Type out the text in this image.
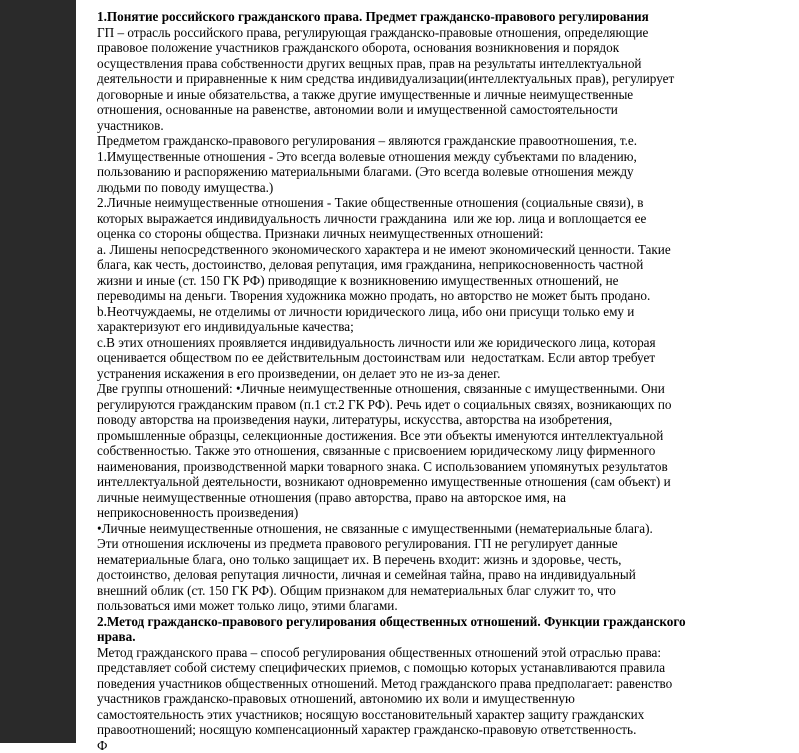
1.Понятие российского гражданского права. Предмет гражданско-правового регулирования
ГП – отрасль российского права, регулирующая гражданско-правовые отношения, определяющие
правовое положение участников гражданского оборота, основания возникновения и порядок
осуществления права собственности других вещных прав, прав на результаты интеллектуальной
деятельности и приравненные к ним средства индивидуализации(интеллектуальных прав), регулирует
договорные и иные обязательства, а также другие имущественные и личные неимущественные
отношения, основанные на равенстве, автономии воли и имущественной самостоятельности
участников.
Предметом гражданско-правового регулирования – являются гражданские правоотношения, т.е.
1.Имущественные отношения - Это всегда волевые отношения между субъектами по владению,
пользованию и распоряжению материальными благами. (Это всегда волевые отношения между
людьми по поводу имущества.)
2.Личные неимущественные отношения - Такие общественные отношения (социальные связи), в
которых выражается индивидуальность личности гражданина  или же юр. лица и воплощается ее
оценка со стороны общества. Признаки личных неимущественных отношений:
а. Лишены непосредственного экономического характера и не имеют экономический ценности. Такие
блага, как честь, достоинство, деловая репутация, имя гражданина, неприкосновенность частной
жизни и иные (ст. 150 ГК РФ) приводящие к возникновению имущественных отношений, не
переводимы на деньги. Творения художника можно продать, но авторство не может быть продано.
b.Неотчуждаемы, не отделимы от личности юридического лица, ибо они присущи только ему и
характеризуют его индивидуальные качества;
c.В этих отношениях проявляется индивидуальность личности или же юридического лица, которая
оценивается обществом по ее действительным достоинствам или  недостаткам. Если автор требует
устранения искажения в его произведении, он делает это не из-за денег.
Две группы отношений: •Личные неимущественные отношения, связанные с имущественными. Они
регулируются гражданским правом (п.1 ст.2 ГК РФ). Речь идет о социальных связях, возникающих по
поводу авторства на произведения науки, литературы, искусства, авторства на изобретения,
промышленные образцы, селекционные достижения. Все эти объекты именуются интеллектуальной
собственностью. Также это отношения, связанные с присвоением юридическому лицу фирменного
наименования, производственной марки товарного знака. С использованием упомянутых результатов
интеллектуальной деятельности, возникают одновременно имущественные отношения (сам объект) и
личные неимущественные отношения (право авторства, право на авторское имя, на
неприкосновенность произведения)
•Личные неимущественные отношения, не связанные с имущественными (нематериальные блага).
Эти отношения исключены из предмета правового регулирования. ГП не регулирует данные
нематериальные блага, оно только защищает их. В перечень входит: жизнь и здоровье, честь,
достоинство, деловая репутация личности, личная и семейная тайна, право на индивидуальный
внешний облик (ст. 150 ГК РФ). Общим признаком для нематериальных благ служит то, что
пользоваться ими может только лицо, этими благами.
2.Метод гражданско-правового регулирования общественных отношений. Функции гражданского
нрава.
Метод гражданского права – способ регулирования общественных отношений этой отраслью права:
представляет собой систему специфических приемов, с помощью которых устанавливаются правила
поведения участников общественных отношений. Метод гражданского права предполагает: равенство
участников гражданско-правовых отношений, автономию их воли и имущественную
самостоятельность этих участников; носящую восстановительный характер защиту гражданских
правоотношений; носящую компенсационный характер гражданско-правовую ответственность.
Ф
